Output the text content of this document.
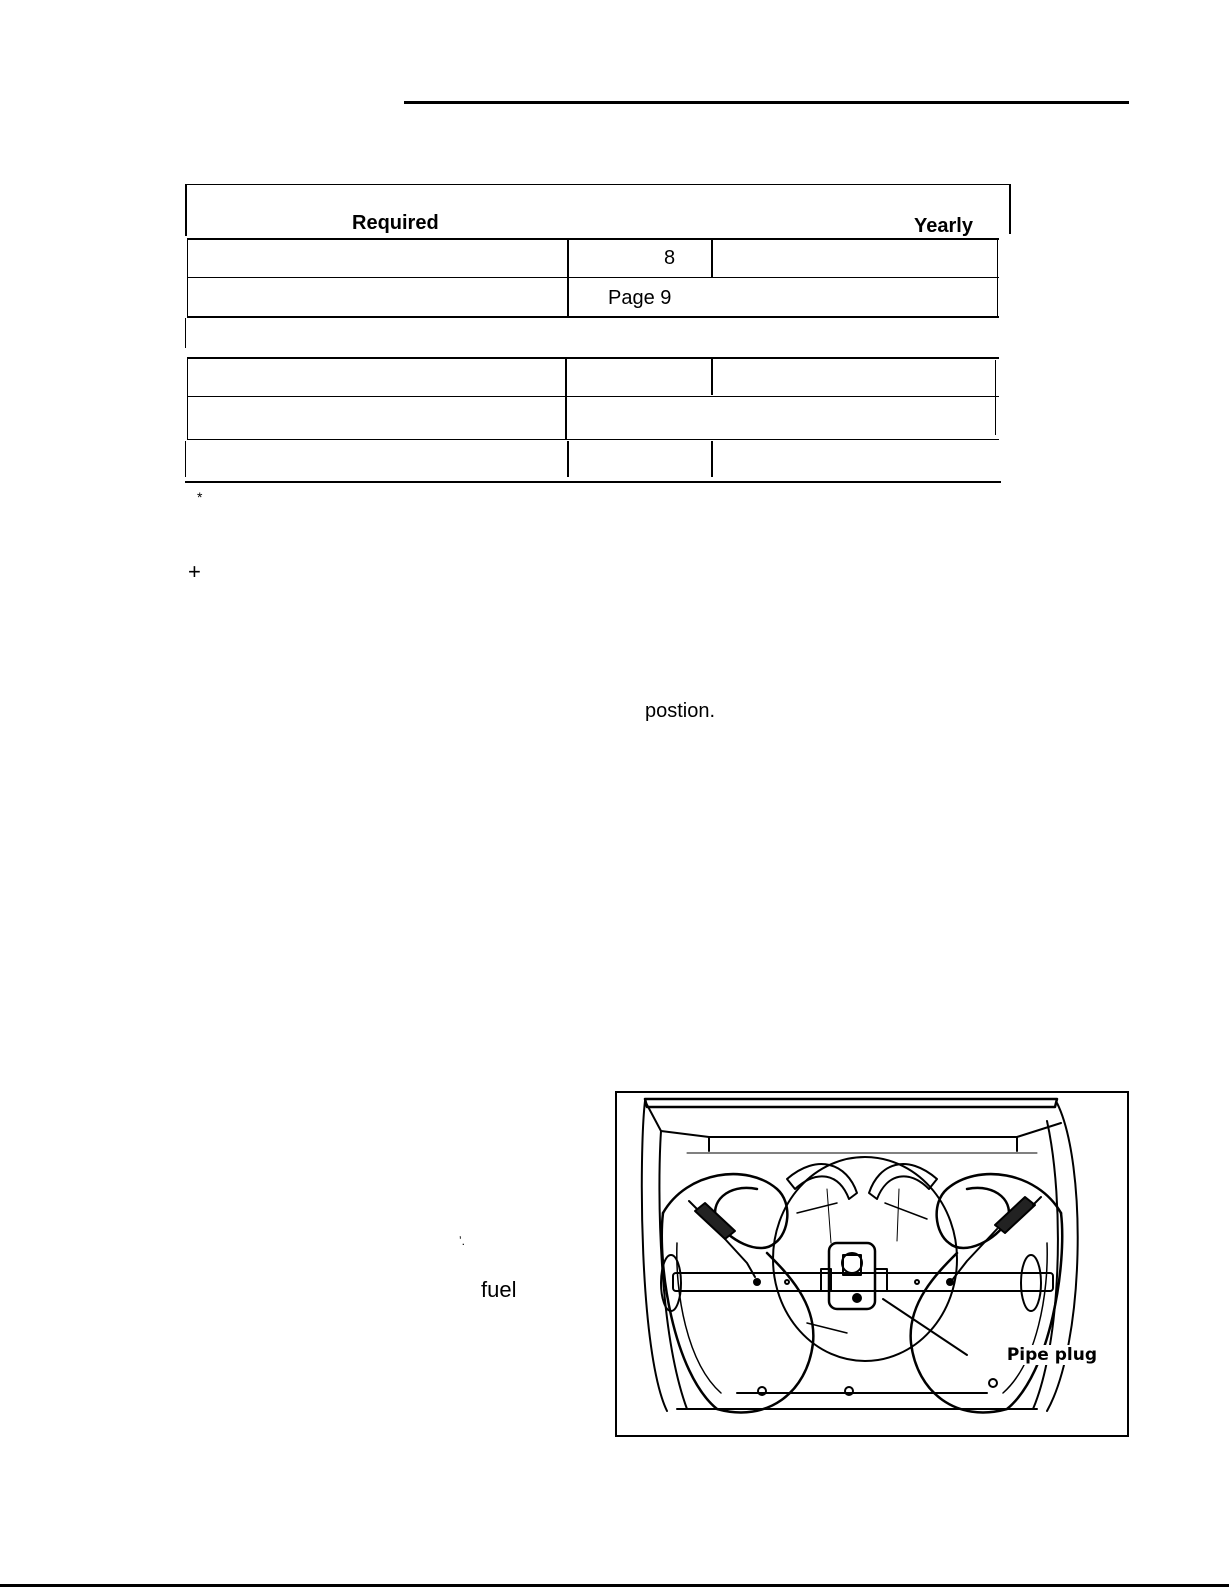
Required	Yearly
8
Page 9
*
+
postion.
ʼ.
fuel
Pipe plug
